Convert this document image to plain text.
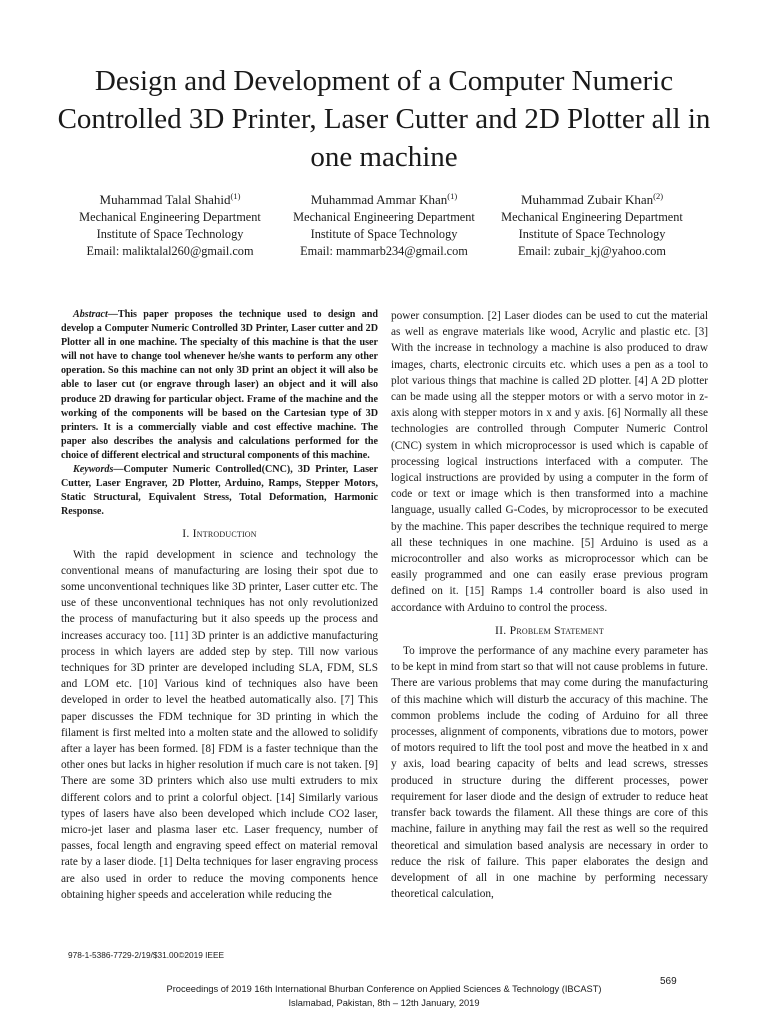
Design and Development of a Computer Numeric Controlled 3D Printer, Laser Cutter and 2D Plotter all in one machine
Muhammad Talal Shahid$^{(1)}$
Mechanical Engineering Department
Institute of Space Technology
Email: maliktalal260@gmail.com
Muhammad Ammar Khan$^{(1)}$
Mechanical Engineering Department
Institute of Space Technology
Email: mammarb234@gmail.com
Muhammad Zubair Khan$^{(2)}$
Mechanical Engineering Department
Institute of Space Technology
Email: zubair_kj@yahoo.com

Abstract—This paper proposes the technique used to design and develop a Computer Numeric Controlled 3D Printer, Laser cutter and 2D Plotter all in one machine. The specialty of this machine is that the user will not have to change tool whenever he/she wants to perform any other operation. So this machine can not only 3D print an object it will also be able to laser cut (or engrave through laser) an object and it will also produce 2D drawing for particular object. Frame of the machine and the working of the components will be based on the Cartesian type of 3D printers. It is a commercially viable and cost effective machine. The paper also describes the analysis and calculations performed for the choice of different electrical and structural components of this machine.

Keywords—Computer Numeric Controlled(CNC), 3D Printer, Laser Cutter, Laser Engraver, 2D Plotter, Arduino, Ramps, Stepper Motors, Static Structural, Equivalent Stress, Total Deformation, Harmonic Response.

I. Introduction

With the rapid development in science and technology the conventional means of manufacturing are losing their spot due to some unconventional techniques like 3D printer, Laser cutter etc. The use of these unconventional techniques has not only revolutionized the process of manufacturing but it also speeds up the process and increases accuracy too. [11] 3D printer is an addictive manufacturing process in which layers are added step by step. Till now various techniques for 3D printer are developed including SLA, FDM, SLS and LOM etc. [10] Various kind of techniques also have been developed in order to level the heatbed automatically also. [7] This paper discusses the FDM technique for 3D printing in which the filament is first melted into a molten state and the allowed to solidify after a layer has been formed. [8] FDM is a faster technique than the other ones but lacks in higher resolution if much care is not taken. [9] There are some 3D printers which also use multi extruders to mix different colors and to print a colorful object. [14] Similarly various types of lasers have also been developed which include CO2 laser, micro-jet laser and plasma laser etc. Laser frequency, number of passes, focal length and engraving speed effect on material removal rate by a laser diode. [1] Delta techniques for laser engraving process are also used in order to reduce the moving components hence obtaining higher speeds and acceleration while reducing the

power consumption. [2] Laser diodes can be used to cut the material as well as engrave materials like wood, Acrylic and plastic etc. [3] With the increase in technology a machine is also produced to draw images, charts, electronic circuits etc. which uses a pen as a tool to plot various things that machine is called 2D plotter. [4] A 2D plotter can be made using all the stepper motors or with a servo motor in z-axis along with stepper motors in x and y axis. [6] Normally all these technologies are controlled through Computer Numeric Control (CNC) system in which microprocessor is used which is capable of processing logical instructions interfaced with a computer. The logical instructions are provided by using a computer in the form of code or text or image which is then transformed into a machine language, usually called G-Codes, by microprocessor to be executed by the machine. This paper describes the technique required to merge all these techniques in one machine. [5] Arduino is used as a microcontroller and also works as microprocessor which can be easily programmed and one can easily erase previous program defined on it. [15] Ramps 1.4 controller board is also used in accordance with Arduino to control the process.

II. Problem Statement

To improve the performance of any machine every parameter has to be kept in mind from start so that will not cause problems in future. There are various problems that may come during the manufacturing of this machine which will disturb the accuracy of this machine. The common problems include the coding of Arduino for all three processes, alignment of components, vibrations due to motors, power of motors required to lift the tool post and move the heatbed in x and y axis, load bearing capacity of belts and lead screws, stresses produced in structure during the different processes, power requirement for laser diode and the design of extruder to reduce heat transfer back towards the filament. All these things are core of this machine, failure in anything may fail the rest as well so the required theoretical and simulation based analysis are necessary in order to reduce the risk of failure. This paper elaborates the design and development of all in one machine by performing necessary theoretical calculation,

978-1-5386-7729-2/19/$31.00©2019 IEEE
569
Proceedings of 2019 16th International Bhurban Conference on Applied Sciences & Technology (IBCAST)
Islamabad, Pakistan, 8th – 12th January, 2019
